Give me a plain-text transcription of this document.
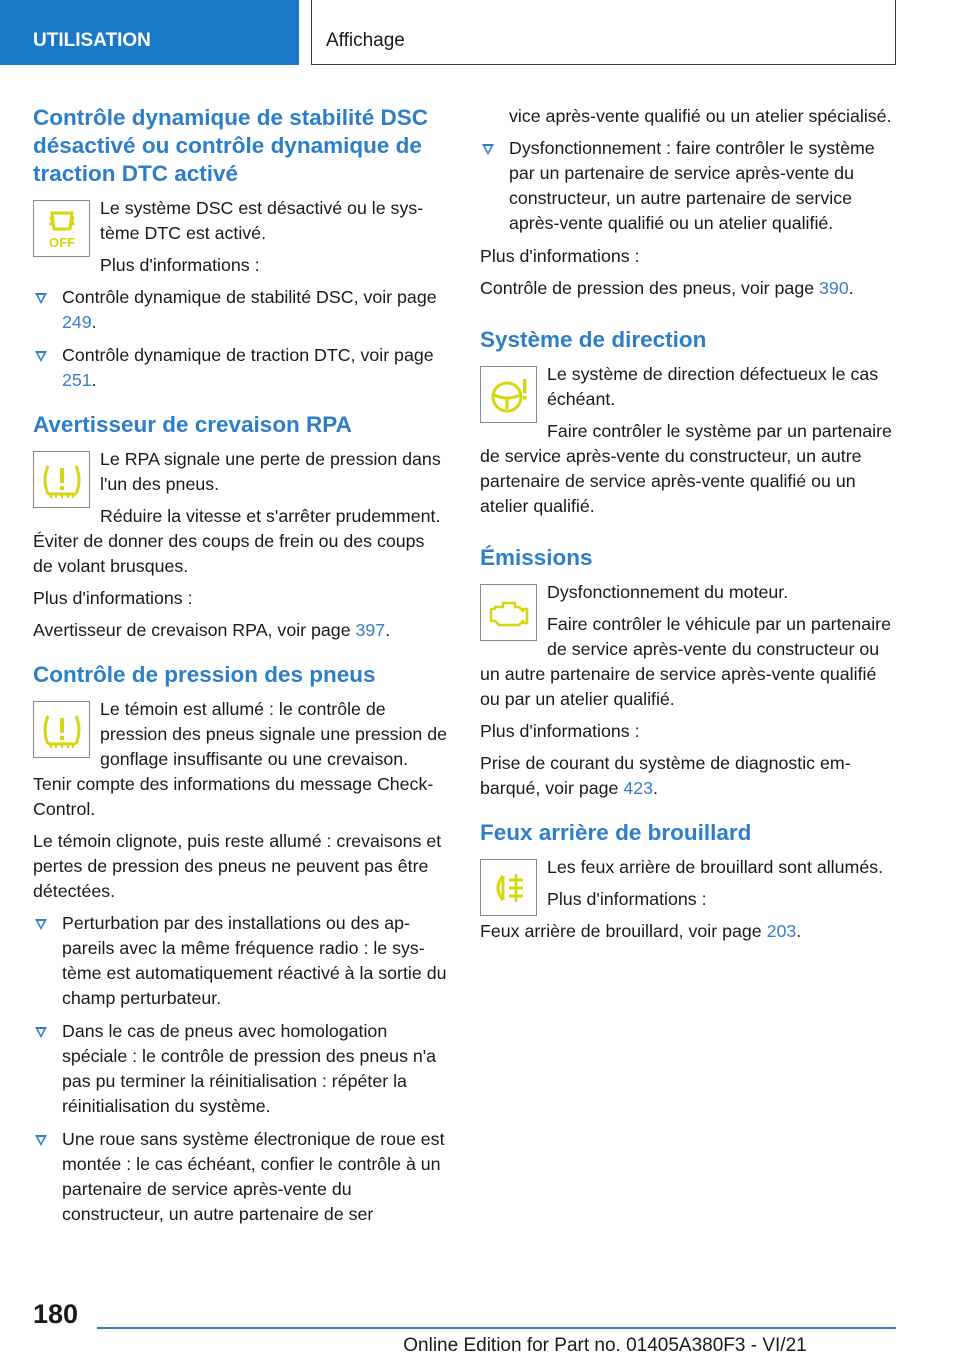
UTILISATION	Affichage
Contrôle dynamique de stabilité DSC désactivé ou contrôle dynamique de traction DTC activé
OFF

Le système DSC est désactivé ou le système DTC est activé.

Plus d'informations :

Contrôle dynamique de stabilité DSC, voir page 249.
Contrôle dynamique de traction DTC, voir page 251.
Avertisseur de crevaison RPA

Le RPA signale une perte de pression dans l'un des pneus.

Réduire la vitesse et s'arrêter prudemment. Éviter de donner des coups de frein ou des coups de volant brusques.

Plus d'informations :

Avertisseur de crevaison RPA, voir page 397.

Contrôle de pression des pneus

Le témoin est allumé : le contrôle de pression des pneus signale une pression de gonflage insuffisante ou une crevaison. Tenir compte des informations du message Check-Control.

Le témoin clignote, puis reste allumé : crevaisons et pertes de pression des pneus ne peuvent pas être détectées.

Perturbation par des installations ou des appareils avec la même fréquence radio : le système est automatiquement réactivé à la sortie du champ perturbateur.
Dans le cas de pneus avec homologation spéciale : le contrôle de pression des pneus n'a pas pu terminer la réinitialisation : répéter la réinitialisation du système.
Une roue sans système électronique de roue est montée : le cas échéant, confier le contrôle à un partenaire de service après-vente du constructeur, un autre partenaire de ser

vice après-vente qualifié ou un atelier spécialisé.

Dysfonctionnement : faire contrôler le système par un partenaire de service après-vente du constructeur, un autre partenaire de service après-vente qualifié ou un atelier qualifié.

Plus d'informations :

Contrôle de pression des pneus, voir page 390.

Système de direction

Le système de direction défectueux le cas échéant.

Faire contrôler le système par un partenaire de service après-vente du constructeur, un autre partenaire de service après-vente qualifié ou un atelier qualifié.

Émissions

Dysfonctionnement du moteur.

Faire contrôler le véhicule par un partenaire de service après-vente du constructeur ou un autre partenaire de service après-vente qualifié ou par un atelier qualifié.

Plus d'informations :

Prise de courant du système de diagnostic embarqué, voir page 423.

Feux arrière de brouillard

Les feux arrière de brouillard sont allumés.

Plus d'informations :

Feux arrière de brouillard, voir page 203.

180
Online Edition for Part no. 01405A380F3 - VI/21
